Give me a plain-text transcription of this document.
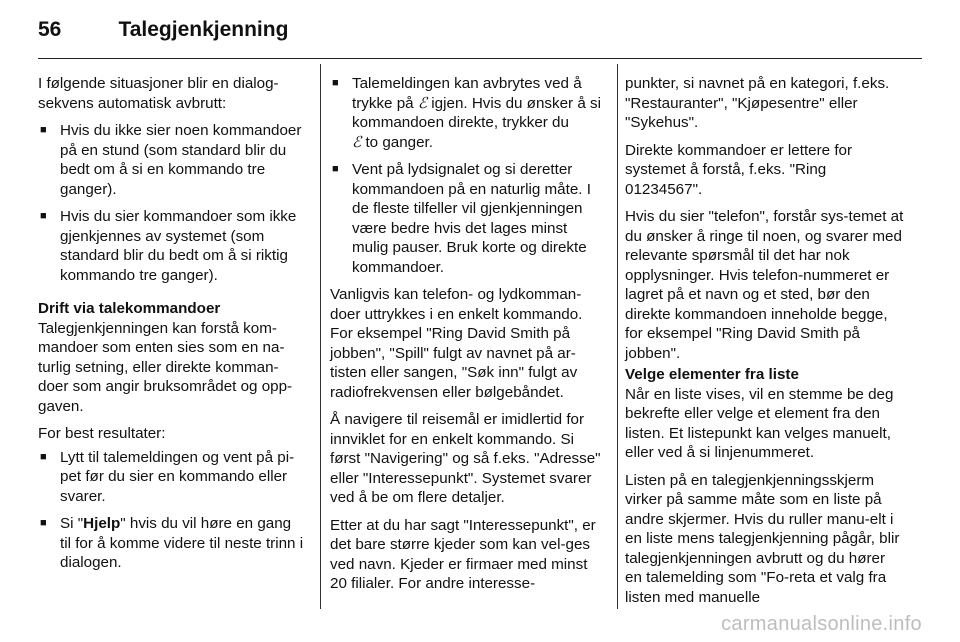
56	Talegjenkjenning

I følgende situasjoner blir en dialog-sekvens automatisk avbrutt:

■ Hvis du ikke sier noen kommandoer på en stund (som standard blir du bedt om å si en kommando tre ganger).
■ Hvis du sier kommandoer som ikke gjenkjennes av systemet (som standard blir du bedt om å si riktig kommando tre ganger).

Drift via talekommandoer
Talegjenkjenningen kan forstå kom-mandoer som enten sies som en na-turlig setning, eller direkte komman-doer som angir bruksområdet og opp-gaven.

For best resultater:

■ Lytt til talemeldingen og vent på pi-pet før du sier en kommando eller svarer.
■ Si "Hjelp" hvis du vil høre en gang til for å komme videre til neste trinn i dialogen.
■ Talemeldingen kan avbrytes ved å trykke på ℰ igjen. Hvis du ønsker å si kommandoen direkte, trykker du
ℰ to ganger.
■ Vent på lydsignalet og si deretter kommandoen på en naturlig måte. I de fleste tilfeller vil gjenkjenningen være bedre hvis det lages minst mulig pauser. Bruk korte og direkte kommandoer.

Vanligvis kan telefon- og lydkomman-doer uttrykkes i en enkelt kommando. For eksempel "Ring David Smith på jobben", "Spill" fulgt av navnet på ar-tisten eller sangen, "Søk inn" fulgt av radiofrekvensen eller bølgebåndet.

Å navigere til reisemål er imidlertid for innviklet for en enkelt kommando. Si først "Navigering" og så f.eks. "Adresse" eller "Interessepunkt". Systemet svarer ved å be om flere detaljer.

Etter at du har sagt "Interessepunkt", er det bare større kjeder som kan vel-ges ved navn. Kjeder er firmaer med minst 20 filialer. For andre interesse-

punkter, si navnet på en kategori, f.eks. "Restauranter", "Kjøpesentre" eller "Sykehus".

Direkte kommandoer er lettere for systemet å forstå, f.eks. "Ring 01234567".

Hvis du sier "telefon", forstår sys-temet at du ønsker å ringe til noen, og svarer med relevante spørsmål til det har nok opplysninger. Hvis telefon-nummeret er lagret på et navn og et sted, bør den direkte kommandoen inneholde begge, for eksempel "Ring David Smith på jobben".

Velge elementer fra liste
Når en liste vises, vil en stemme be deg bekrefte eller velge et element fra den listen. Et listepunkt kan velges manuelt, eller ved å si linjenummeret.

Listen på en talegjenkjenningsskjerm virker på samme måte som en liste på andre skjermer. Hvis du ruller manu-elt i en liste mens talegjenkjenning pågår, blir talegjenkjenningen avbrutt og du hører en talemelding som "Fo-reta et valg fra listen med manuelle

carmanualsonline.info
